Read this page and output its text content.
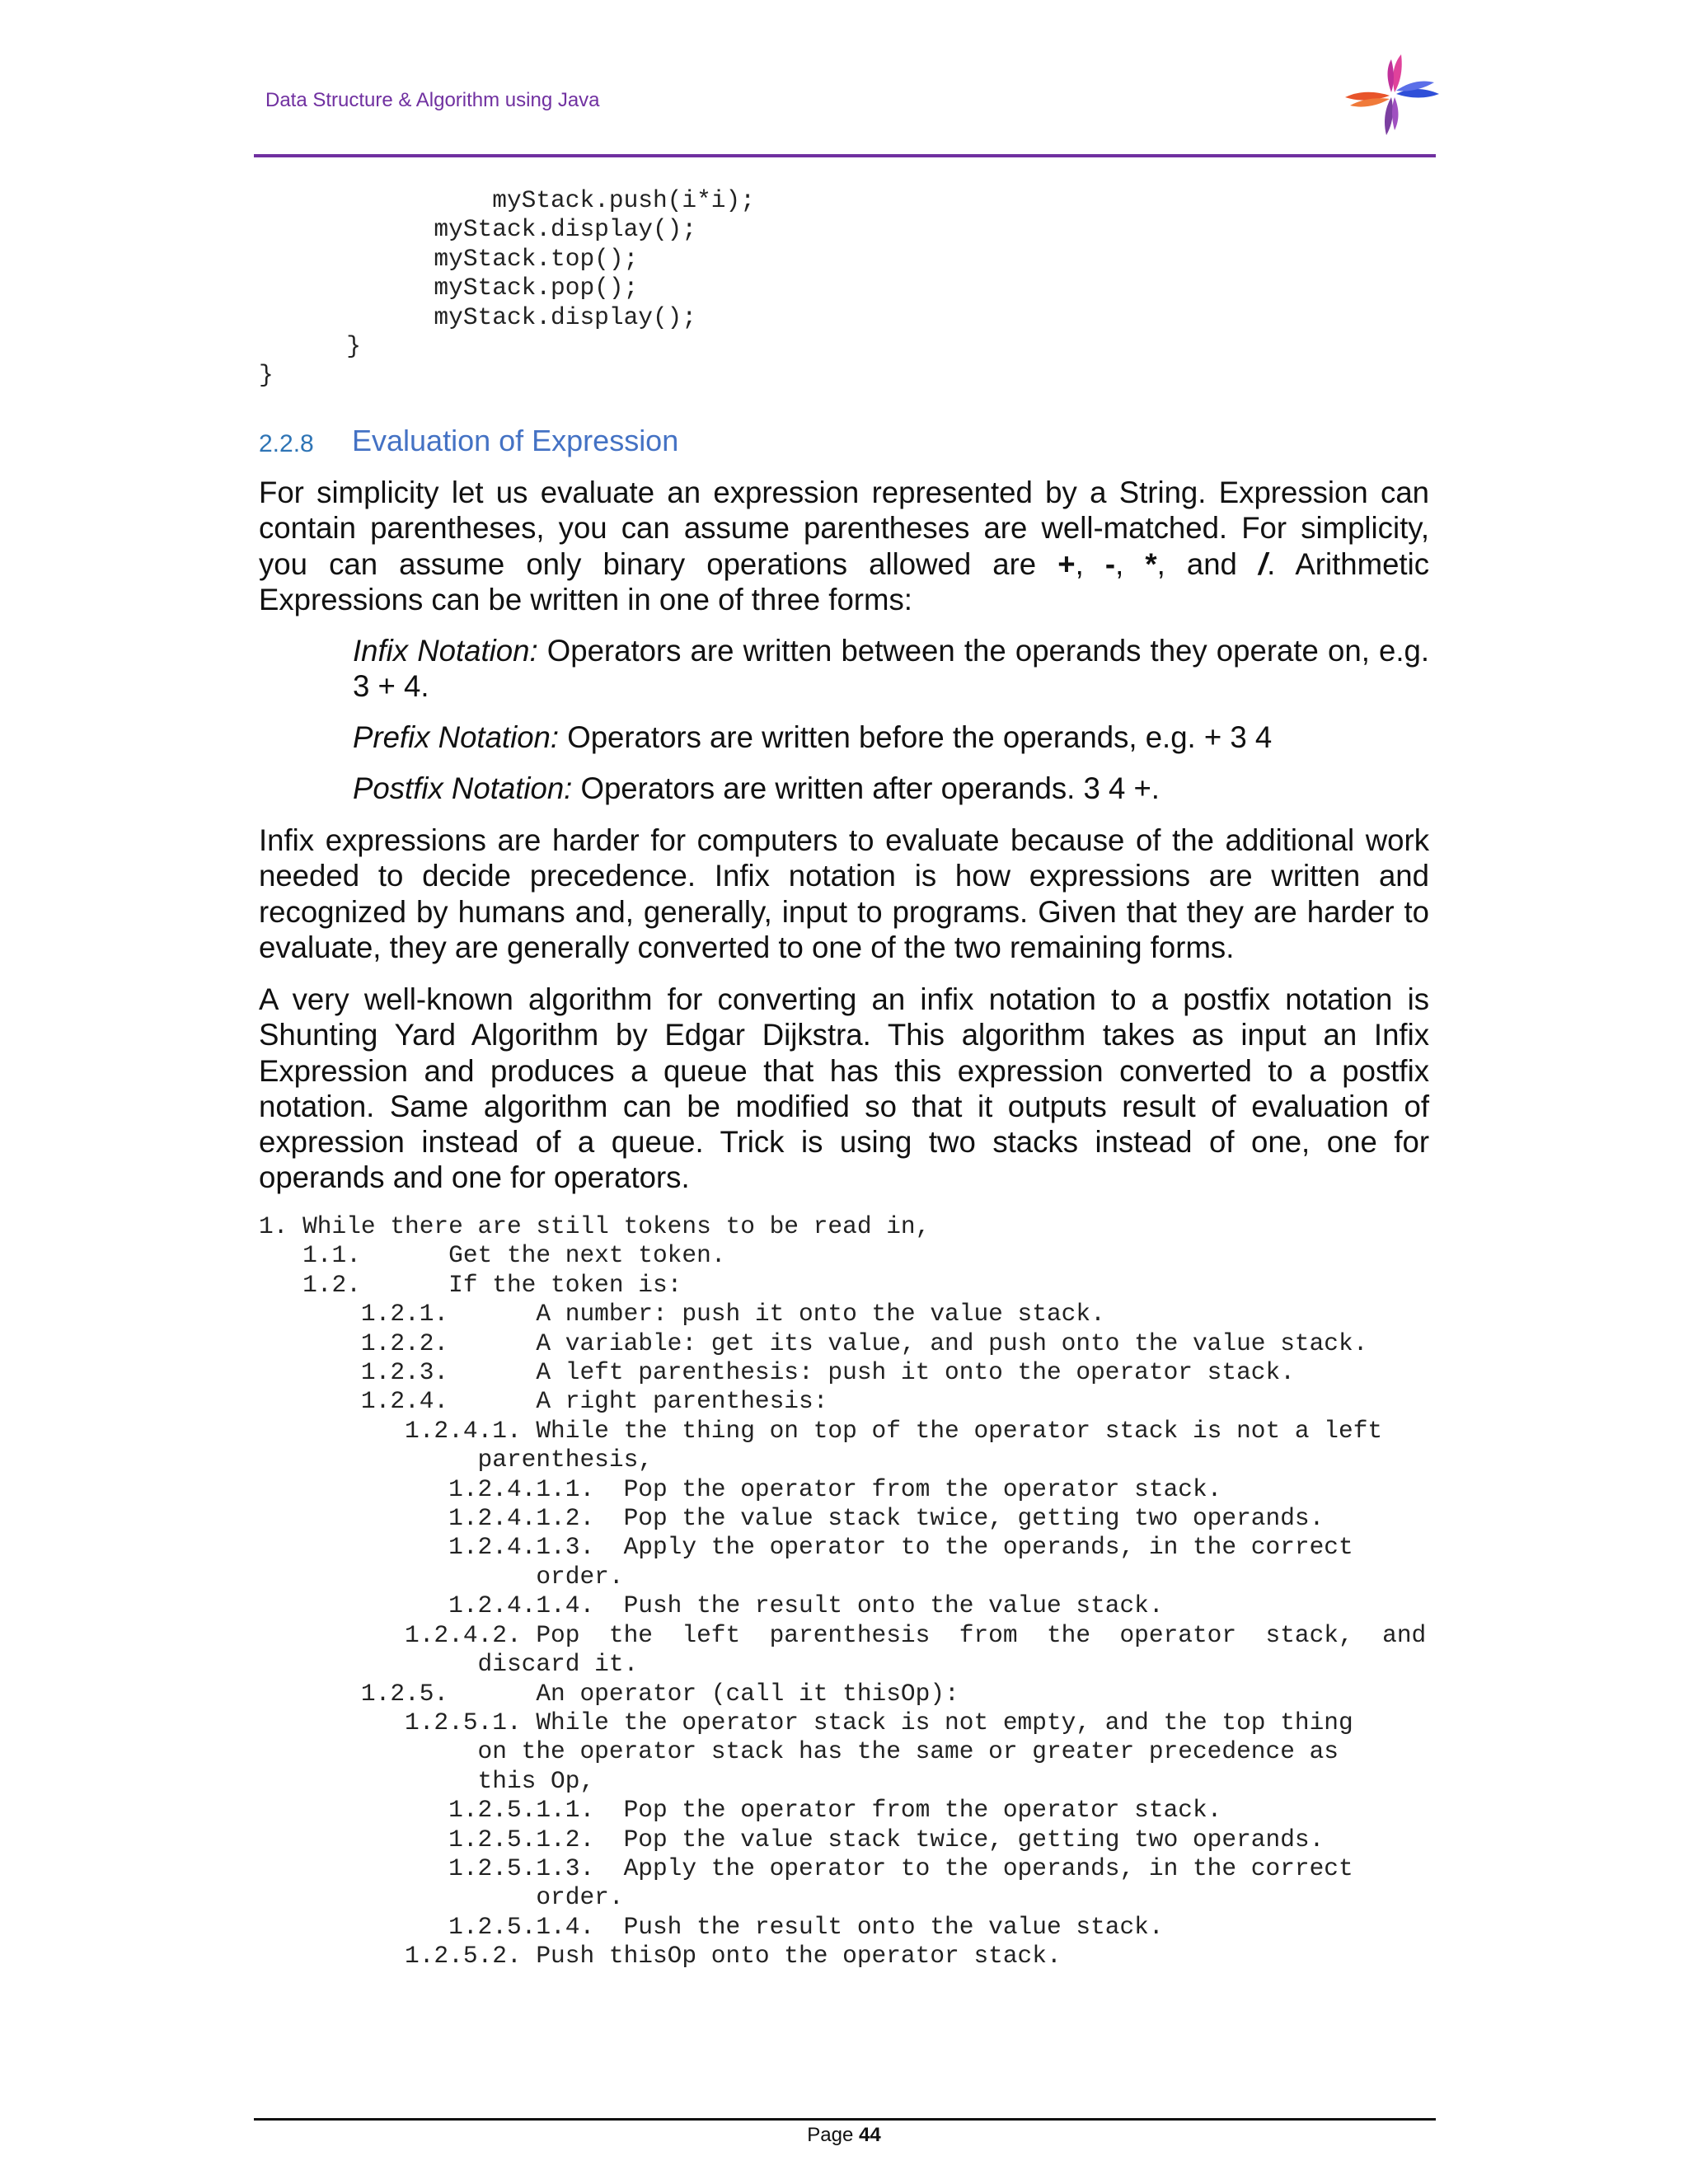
Data Structure & Algorithm using Java
myStack.push(i*i);
myStack.display();
myStack.top();
myStack.pop();
myStack.display();
}
}
2.2.8 Evaluation of Expression

For simplicity let us evaluate an expression represented by a String. Expression can contain parentheses, you can assume parentheses are well-matched. For simplicity, you can assume only binary operations allowed are +, -, *, and /. Arithmetic Expressions can be written in one of three forms:

Infix Notation: Operators are written between the operands they operate on, e.g. 3 + 4.

Prefix Notation: Operators are written before the operands, e.g. + 3 4

Postfix Notation: Operators are written after operands. 3 4 +.

Infix expressions are harder for computers to evaluate because of the additional work needed to decide precedence. Infix notation is how expressions are written and recognized by humans and, generally, input to programs. Given that they are harder to evaluate, they are generally converted to one of the two remaining forms.

A very well-known algorithm for converting an infix notation to a postfix notation is Shunting Yard Algorithm by Edgar Dijkstra. This algorithm takes as input an Infix Expression and produces a queue that has this expression converted to a postfix notation. Same algorithm can be modified so that it outputs result of evaluation of expression instead of a queue. Trick is using two stacks instead of one, one for operands and one for operators.

1. While there are still tokens to be read in,
1.1.      Get the next token.
1.2.      If the token is:
1.2.1.      A number: push it onto the value stack.
1.2.2.      A variable: get its value, and push onto the value stack.
1.2.3.      A left parenthesis: push it onto the operator stack.
1.2.4.      A right parenthesis:
1.2.4.1. While the thing on top of the operator stack is not a left
parenthesis,
1.2.4.1.1.  Pop the operator from the operator stack.
1.2.4.1.2.  Pop the value stack twice, getting two operands.
1.2.4.1.3.  Apply the operator to the operands, in the correct
order.
1.2.4.1.4.  Push the result onto the value stack.
1.2.4.2. Pop  the  left  parenthesis  from  the  operator  stack,  and
discard it.
1.2.5.      An operator (call it thisOp):
1.2.5.1. While the operator stack is not empty, and the top thing
on the operator stack has the same or greater precedence as
this Op,
1.2.5.1.1.  Pop the operator from the operator stack.
1.2.5.1.2.  Pop the value stack twice, getting two operands.
1.2.5.1.3.  Apply the operator to the operands, in the correct
order.
1.2.5.1.4.  Push the result onto the value stack.
1.2.5.2. Push thisOp onto the operator stack.
Page 44
